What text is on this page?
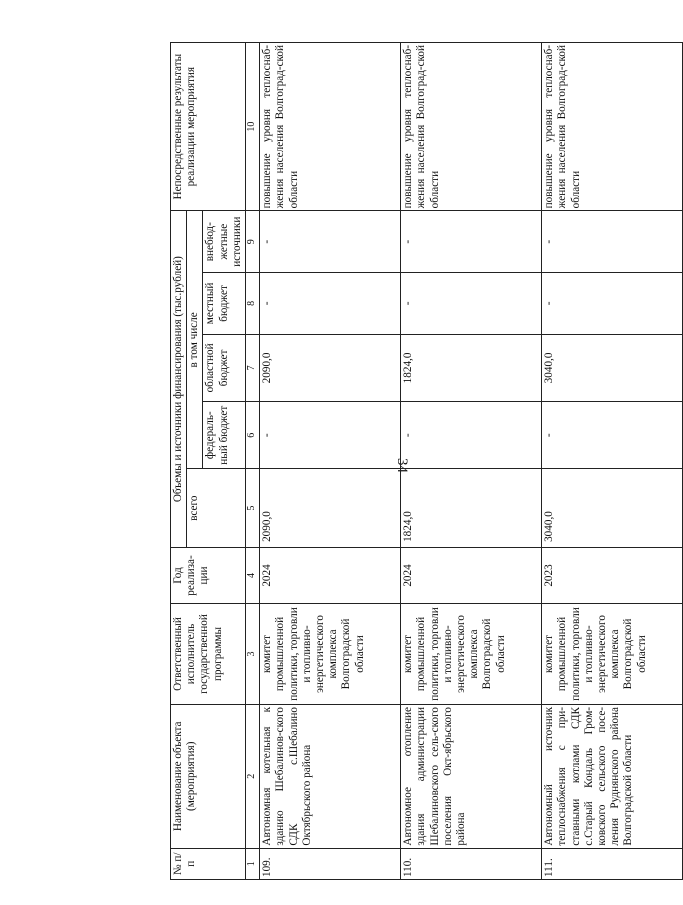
34
№ п/п	Наименование объекта (мероприятия)	Ответственный исполнитель государственной программы	Год реализа-ции	Объемы и источники финансирования (тыс.рублей)					Непосредственные результаты реализации мероприятия
				всего	в том числе				
					федераль-ный бюджет	областной бюджет	местный бюджет	внебюд-жетные источники	
1	2	3	4	5	6	7	8	9	10
109.	Автономная котельная к зданию Шебалинов-ского СДК с.Шебалино Октябрьского района	комитет промышленной политики, торговли и топливно-энергетического комплекса Волгоградской области	2024	2090,0	-	2090,0	-	-	повышение уровня теплоснаб-жения населения Волгоград-ской области
110.	Автономное отопление здания администрации Шебалиновского сель-ского поселения Окт-ябрьского района	комитет промышленной политики, торговли и топливно-энергетического комплекса Волгоградской области	2024	1824,0	-	1824,0	-	-	повышение уровня теплоснаб-жения населения Волгоград-ской области
111.	Автономный источник теплоснабжения с при-ставными котлами СДК с.Старый Кондаль Гром-ковского сельского посе-ления Руднянского района Волгоградской области	комитет промышленной политики, торговли и топливно-энергетического комплекса Волгоградской области	2023	3040,0	-	3040,0	-	-	повышение уровня теплоснаб-жения населения Волгоград-ской области
